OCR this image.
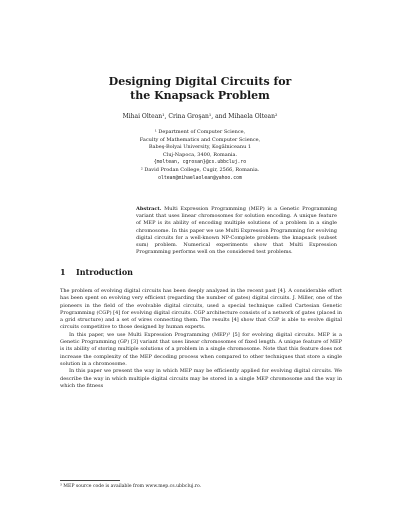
Designing Digital Circuits for
the Knapsack Problem
Mihai Oltean¹, Crina Groşan¹, and Mihaela Oltean²
¹ Department of Computer Science,
Faculty of Mathematics and Computer Science,
Babeş-Bolyai University, Kogălniceanu 1
Cluj-Napoca, 3400, Romania.
{moltean, cgrosan}@cs.ubbcluj.ro
² David Prodan College, Cugir, 2566, Romania.
oltean@mihaelaolean@yahoo.com
Abstract. Multi Expression Programming (MEP) is a Genetic Programming variant that uses linear chromosomes for solution encoding. A unique feature of MEP is its ability of encoding multiple solutions of a problem in a single chromosome. In this paper we use Multi Expression Programming for evolving digital circuits for a well-known NP-Complete problem: the knapsack (subset sum) problem. Numerical experiments show that Multi Expression Programming performs well on the considered test problems.
1 Introduction

The problem of evolving digital circuits has been deeply analyzed in the recent past [4]. A considerable effort has been spent on evolving very efficient (regarding the number of gates) digital circuits. J. Miller, one of the pioneers in the field of the evolvable digital circuits, used a special technique called Cartesian Genetic Programming (CGP) [4] for evolving digital circuits. CGP architecture consists of a network of gates (placed in a grid structure) and a set of wires connecting them. The results [4] show that CGP is able to evolve digital circuits competitive to those designed by human experts.

In this paper, we use Multi Expression Programming (MEP)³ [5] for evolving digital circuits. MEP is a Genetic Programming (GP) [3] variant that uses linear chromosomes of fixed length. A unique feature of MEP is its ability of storing multiple solutions of a problem in a single chromosome. Note that this feature does not increase the complexity of the MEP decoding process when compared to other techniques that store a single solution in a chromosome.

In this paper we present the way in which MEP may be efficiently applied for evolving digital circuits. We describe the way in which multiple digital circuits may be stored in a single MEP chromosome and the way in which the fitness

³ MEP source code is available from www.mep.cs.ubbcluj.ro.
